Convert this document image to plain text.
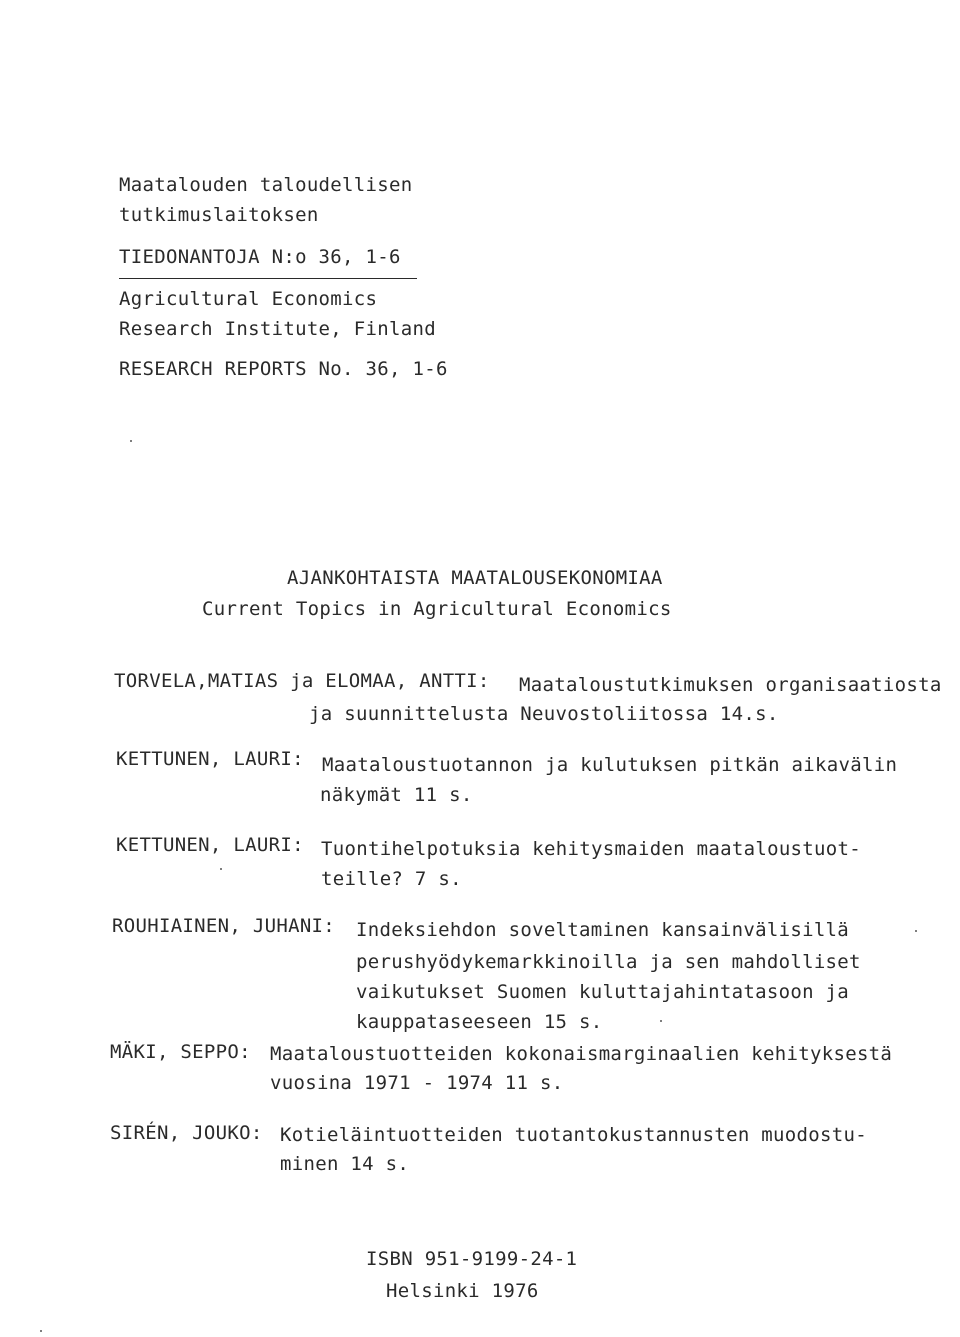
Maatalouden taloudellisen
tutkimuslaitoksen
TIEDONANTOJA N:o 36, 1-6
Agricultural Economics
Research Institute, Finland
RESEARCH REPORTS No. 36, 1-6
AJANKOHTAISTA MAATALOUSEKONOMIAA
Current Topics in Agricultural Economics
TORVELA,MATIAS ja ELOMAA, ANTTI: Maataloustutkimuksen organisaatiosta
ja suunnittelusta Neuvostoliitossa 14.s.
KETTUNEN, LAURI: Maataloustuotannon ja kulutuksen pitkän aikavälin
näkymät 11 s.
KETTUNEN, LAURI: Tuontihelpotuksia kehitysmaiden maataloustuot-
teille? 7 s.
ROUHIAINEN, JUHANI: Indeksiehdon soveltaminen kansainvälisillä
perushyödykemarkkinoilla ja sen mahdolliset
vaikutukset Suomen kuluttajahintatasoon ja
kauppataseeseen 15 s.
MÄKI, SEPPO: Maataloustuotteiden kokonaismarginaalien kehityksestä
vuosina 1971 - 1974 11 s.
SIRÉN, JOUKO: Kotieläintuotteiden tuotantokustannusten muodostu-
minen 14 s.
ISBN 951-9199-24-1
Helsinki 1976
